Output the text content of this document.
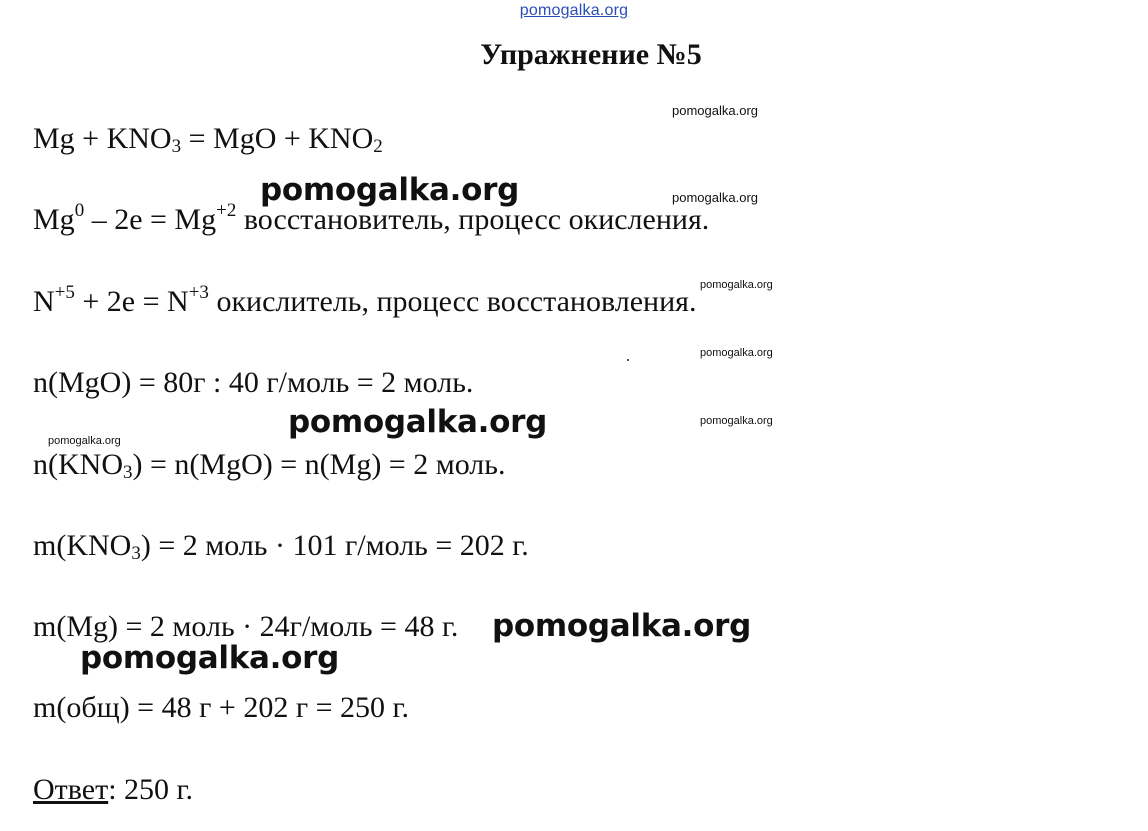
pomogalka.org
Упражнение №5
$Mg + KNO_3$ = MgO + $KNO_2$
$Mg^0 - 2e = Mg^{+2}$ восстановитель, процесс окисления.
$N^{+5} + 2e = N^{+3}$ окислитель, процесс восстановления.
n(MgO) = 80г : 40 г/моль = 2 моль.
$n(KNO_3) = n(MgO) = n(Mg) = 2$ моль.
$m(KNO_3) = 2$ моль · 101 г/моль = 202 г.
m(Mg) = 2 моль · 24г/моль = 48 г.
m(общ) = 48 г + 202 г = 250 г.
Ответ: 250 г.
pomogalka.org
pomogalka.org
pomogalka.org
pomogalka.org
pomogalka.org
pomogalka.org
pomogalka.org
pomogalka.org
pomogalka.org
pomogalka.org
